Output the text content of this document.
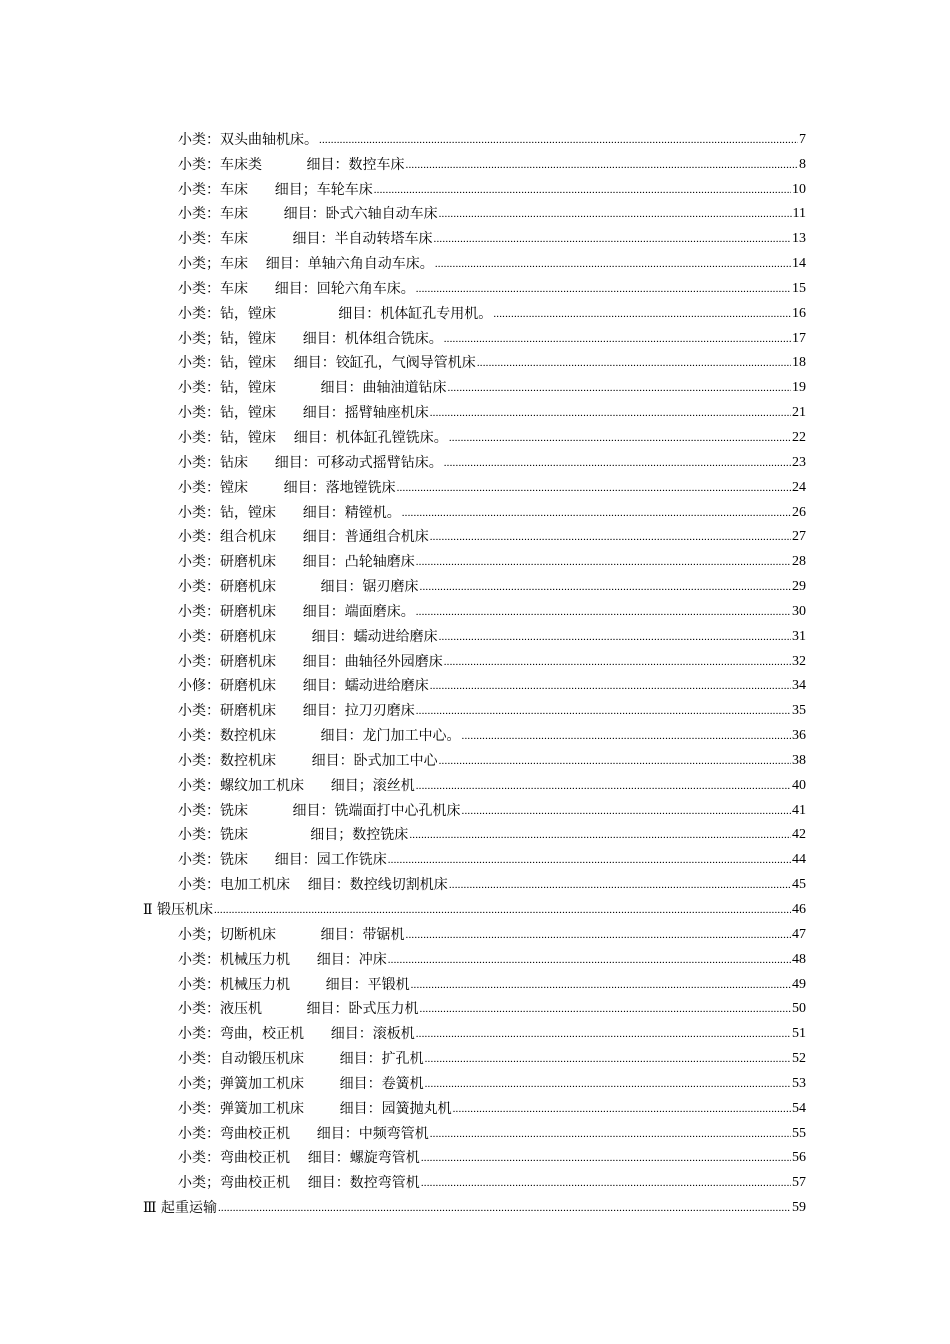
小类：双头曲轴机床。 .....	7
小类：车床类          细目：数控车床 .....	8
小类：车床      细目；车轮车床 .....	10
小类：车床        细目：卧式六轴自动车床 .....	11
小类：车床          细目：半自动转塔车床 .....	13
小类；车床    细目：单轴六角自动车床。 .....	14
小类：车床      细目：回轮六角车床。 .....	15
小类：钻，镗床              细目：机体缸孔专用机。 .....	16
小类；钻，镗床      细目：机体组合铣床。 .....	17
小类：钻，镗床    细目：铰缸孔，气阀导管机床 .....	18
小类：钻，镗床          细目：曲轴油道钻床 .....	19
小类：钻，镗床      细目：摇臂轴座机床 .....	21
小类：钻，镗床    细目：机体缸孔镗铣床。 .....	22
小类：钻床      细目：可移动式摇臂钻床。 .....	23
小类：镗床        细目：落地镗铣床 .....	24
小类：钻，镗床      细目：精镗机。 .....	26
小类：组合机床      细目：普通组合机床 .....	27
小类：研磨机床      细目：凸轮轴磨床 .....	28
小类：研磨机床          细目：锯刃磨床 .....	29
小类：研磨机床      细目：端面磨床。 .....	30
小类：研磨机床        细目：蠕动进给磨床 .....	31
小类：研磨机床      细目：曲轴径外园磨床 .....	32
小修：研磨机床      细目：蠕动进给磨床 .....	34
小类：研磨机床      细目：拉刀刃磨床 .....	35
小类：数控机床          细目：龙门加工中心。 .....	36
小类：数控机床        细目：卧式加工中心 .....	38
小类：螺纹加工机床      细目；滚丝机 .....	40
小类：铣床          细目：铣端面打中心孔机床 .....	41
小类：铣床              细目；数控铣床 .....	42
小类：铣床      细目：园工作铣床 .....	44
小类：电加工机床    细目：数控线切割机床 .....	45
Ⅱ 锻压机床 .....	46
小类；切断机床          细目：带锯机 .....	47
小类：机械压力机      细目：冲床 .....	48
小类：机械压力机        细目：平锻机 .....	49
小类：液压机          细目：卧式压力机 .....	50
小类：弯曲，校正机      细目：滚板机 .....	51
小类：自动锻压机床        细目：扩孔机 .....	52
小类；弹簧加工机床        细目：卷簧机 .....	53
小类：弹簧加工机床        细目：园簧抛丸机 .....	54
小类：弯曲校正机      细目：中频弯管机 .....	55
小类：弯曲校正机    细目：螺旋弯管机 .....	56
小类；弯曲校正机    细目：数控弯管机 .....	57
Ⅲ 起重运输 .....	59
